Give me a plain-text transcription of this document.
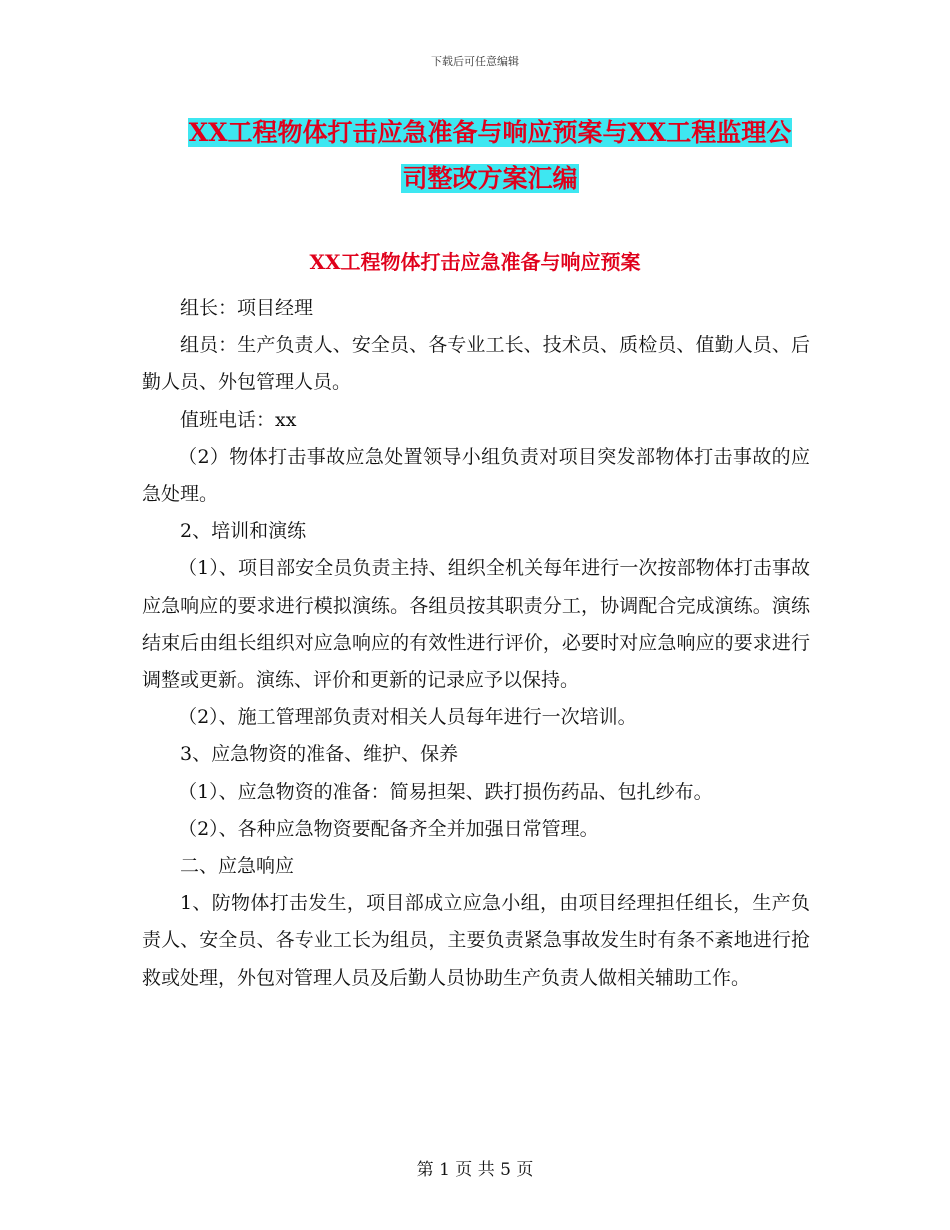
下载后可任意编辑
XX工程物体打击应急准备与响应预案与XX工程监理公
司整改方案汇编
XX工程物体打击应急准备与响应预案

组长：项目经理

组员：生产负责人、安全员、各专业工长、技术员、质检员、值勤人员、后勤人员、外包管理人员。

值班电话：xx

（2）物体打击事故应急处置领导小组负责对项目突发部物体打击事故的应急处理。

2、培训和演练

（1）、项目部安全员负责主持、组织全机关每年进行一次按部物体打击事故应急响应的要求进行模拟演练。各组员按其职责分工，协调配合完成演练。演练结束后由组长组织对应急响应的有效性进行评价，必要时对应急响应的要求进行调整或更新。演练、评价和更新的记录应予以保持。

（2）、施工管理部负责对相关人员每年进行一次培训。

3、应急物资的准备、维护、保养

（1）、应急物资的准备：简易担架、跌打损伤药品、包扎纱布。

（2）、各种应急物资要配备齐全并加强日常管理。

二、应急响应

1、防物体打击发生，项目部成立应急小组，由项目经理担任组长，生产负责人、安全员、各专业工长为组员，主要负责紧急事故发生时有条不紊地进行抢救或处理，外包对管理人员及后勤人员协助生产负责人做相关辅助工作。

第 1 页 共 5 页
